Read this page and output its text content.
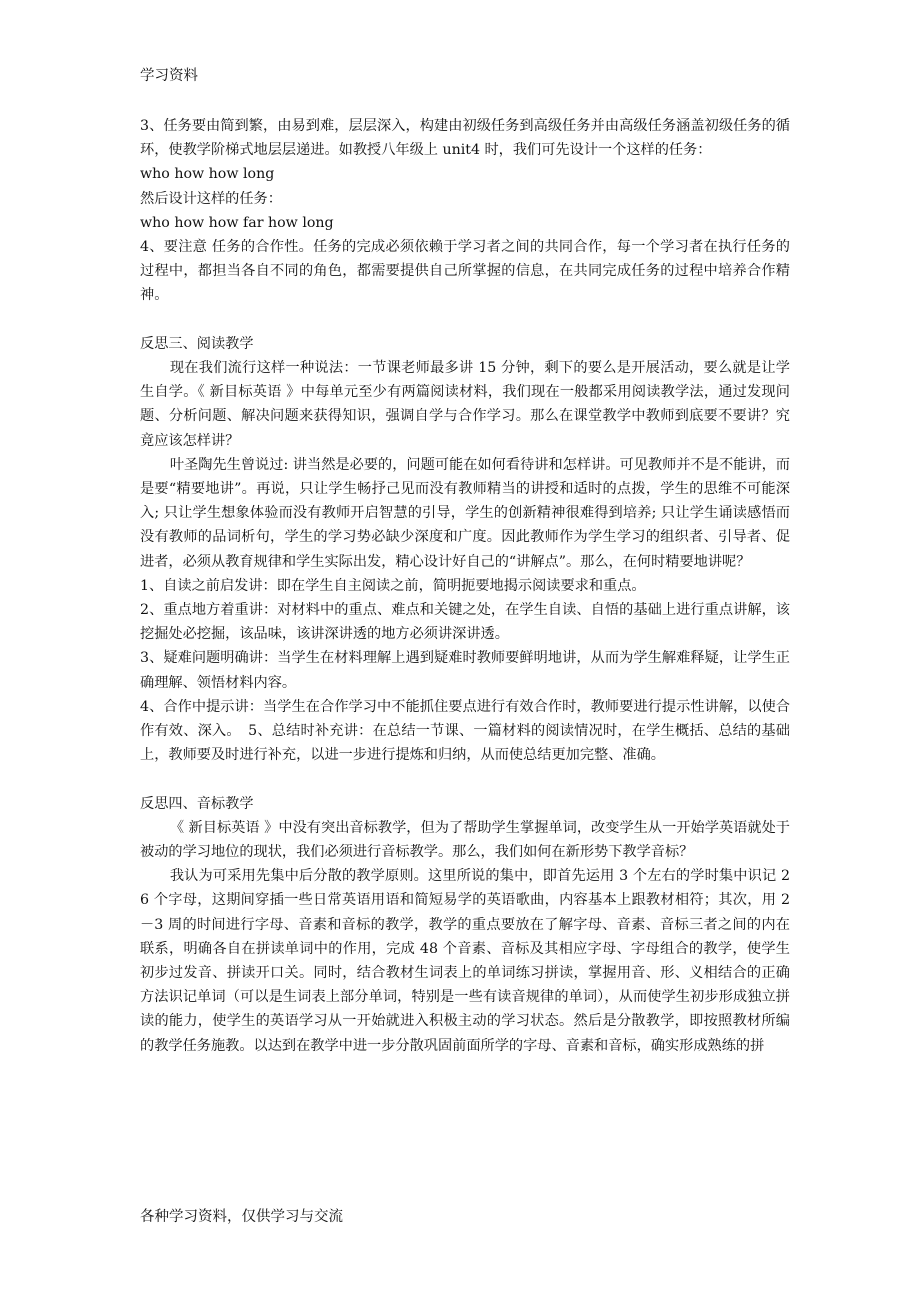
学习资料

3、任务要由简到繁，由易到难，层层深入，构建由初级任务到高级任务并由高级任务涵盖初级任务的循环，使教学阶梯式地层层递进。如教授八年级上 unit4 时，我们可先设计一个这样的任务：

who how how long

然后设计这样的任务：

who how how far how long

4、要注意 任务的合作性。任务的完成必须依赖于学习者之间的共同合作，每一个学习者在执行任务的过程中，都担当各自不同的角色，都需要提供自己所掌握的信息，在共同完成任务的过程中培养合作精神。

反思三、阅读教学

现在我们流行这样一种说法：一节课老师最多讲 15 分钟，剩下的要么是开展活动，要么就是让学生自学。《 新目标英语 》中每单元至少有两篇阅读材料，我们现在一般都采用阅读教学法，通过发现问题、分析问题、解决问题来获得知识，强调自学与合作学习。那么在课堂教学中教师到底要不要讲？究竟应该怎样讲？

叶圣陶先生曾说过: 讲当然是必要的，问题可能在如何看待讲和怎样讲。可见教师并不是不能讲，而是要“精要地讲”。再说，只让学生畅抒己见而没有教师精当的讲授和适时的点拨，学生的思维不可能深入; 只让学生想象体验而没有教师开启智慧的引导，学生的创新精神很难得到培养; 只让学生诵读感悟而没有教师的品词析句，学生的学习势必缺少深度和广度。因此教师作为学生学习的组织者、引导者、促进者，必须从教育规律和学生实际出发，精心设计好自己的“讲解点”。那么，在何时精要地讲呢？

1、自读之前启发讲：即在学生自主阅读之前，简明扼要地揭示阅读要求和重点。

2、重点地方着重讲：对材料中的重点、难点和关键之处，在学生自读、自悟的基础上进行重点讲解，该挖掘处必挖掘，该品味，该讲深讲透的地方必须讲深讲透。

3、疑难问题明确讲：当学生在材料理解上遇到疑难时教师要鲜明地讲，从而为学生解难释疑，让学生正确理解、领悟材料内容。

4、合作中提示讲：当学生在合作学习中不能抓住要点进行有效合作时，教师要进行提示性讲解，以使合作有效、深入。　5、总结时补充讲：在总结一节课、一篇材料的阅读情况时，在学生概括、总结的基础上，教师要及时进行补充，以进一步进行提炼和归纳，从而使总结更加完整、准确。

反思四、音标教学

《 新目标英语 》中没有突出音标教学，但为了帮助学生掌握单词，改变学生从一开始学英语就处于被动的学习地位的现状，我们必须进行音标教学。那么，我们如何在新形势下教学音标？

我认为可采用先集中后分散的教学原则。这里所说的集中，即首先运用 3 个左右的学时集中识记 26 个字母，这期间穿插一些日常英语用语和简短易学的英语歌曲，内容基本上跟教材相符；其次，用 2－3 周的时间进行字母、音素和音标的教学，教学的重点要放在了解字母、音素、音标三者之间的内在联系，明确各自在拼读单词中的作用，完成 48 个音素、音标及其相应字母、字母组合的教学，使学生初步过发音、拼读开口关。同时，结合教材生词表上的单词练习拼读，掌握用音、形、义相结合的正确方法识记单词（可以是生词表上部分单词，特别是一些有读音规律的单词），从而使学生初步形成独立拼读的能力，使学生的英语学习从一开始就进入积极主动的学习状态。然后是分散教学，即按照教材所编的教学任务施教。以达到在教学中进一步分散巩固前面所学的字母、音素和音标，确实形成熟练的拼

各种学习资料，仅供学习与交流
